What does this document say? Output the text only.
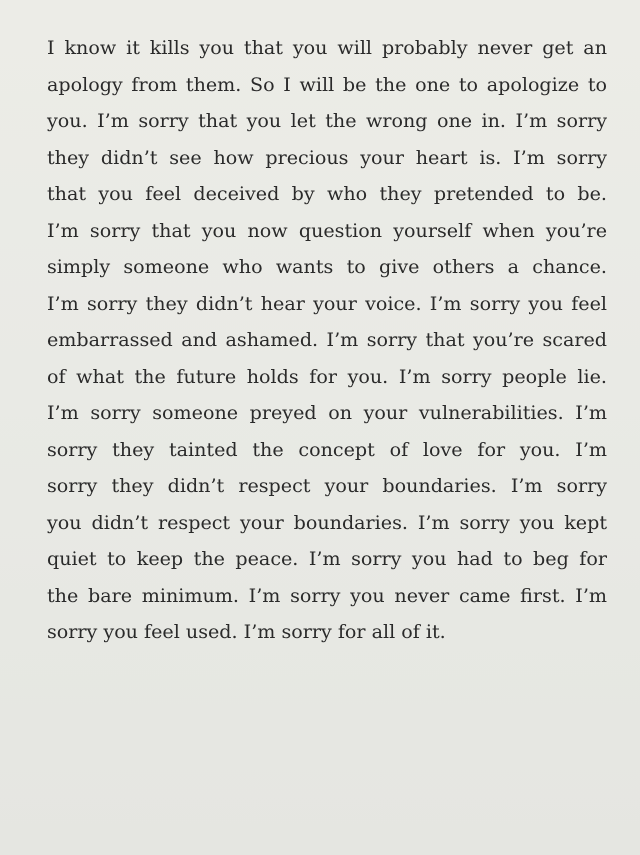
I know it kills you that you will probably never get an
apology from them. So I will be the one to apologize to
you. I’m sorry that you let the wrong one in. I’m sorry
they didn’t see how precious your heart is. I’m sorry
that you feel deceived by who they pretended to be.
I’m sorry that you now question yourself when you’re
simply someone who wants to give others a chance.
I’m sorry they didn’t hear your voice. I’m sorry you feel
embarrassed and ashamed. I’m sorry that you’re scared
of what the future holds for you. I’m sorry people lie.
I’m sorry someone preyed on your vulnerabilities. I’m
sorry they tainted the concept of love for you. I’m
sorry they didn’t respect your boundaries. I’m sorry
you didn’t respect your boundaries. I’m sorry you kept
quiet to keep the peace. I’m sorry you had to beg for
the bare minimum. I’m sorry you never came first. I’m
sorry you feel used. I’m sorry for all of it.
